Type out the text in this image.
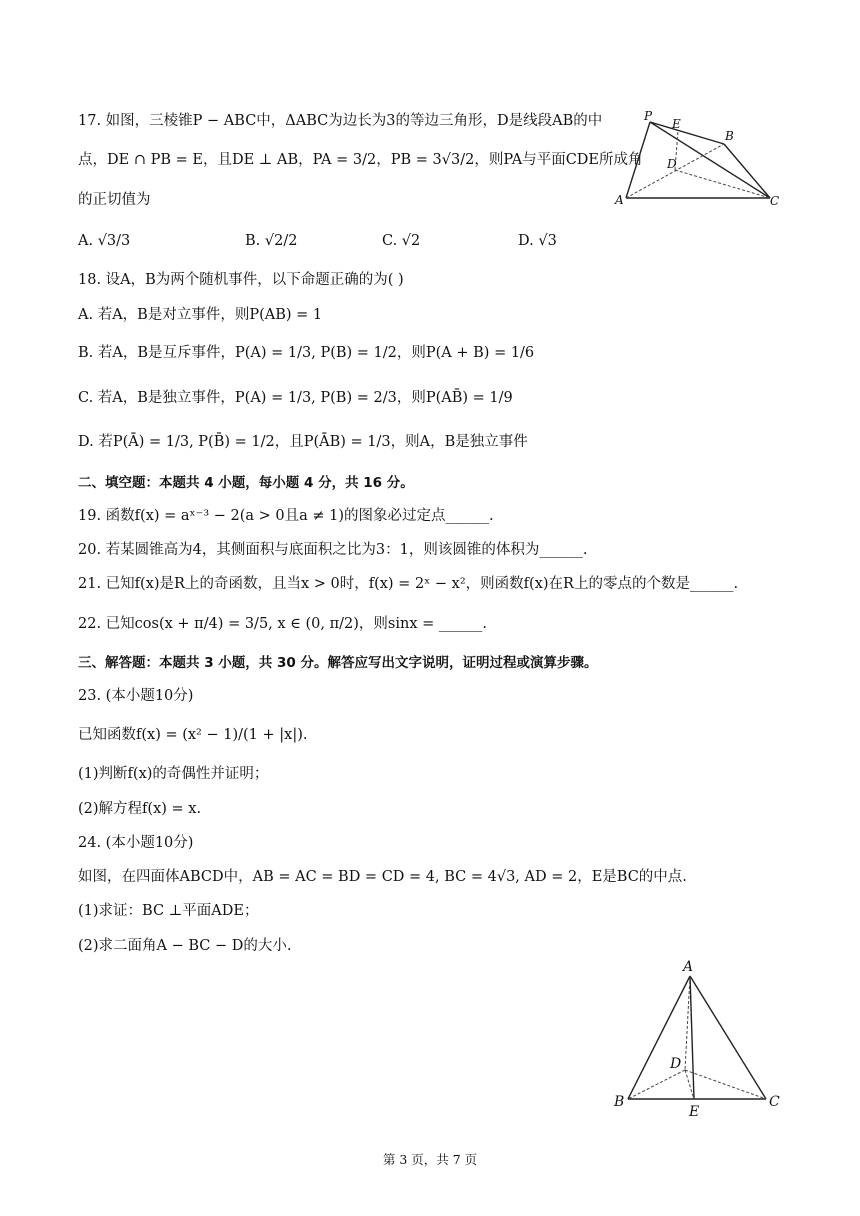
17. 如图，三棱锥P − ABC中，ΔABC为边长为3的等边三角形，D是线段AB的中
点，DE ∩ PB = E，且DE ⊥ AB，PA = 3/2，PB = 3√3/2，则PA与平面CDE所成角
的正切值为
A. √3/3	B. √2/2	C. √2	D. √3
P
E
B
D
A	C
18. 设A，B为两个随机事件，以下命题正确的为( )
A. 若A，B是对立事件，则P(AB) = 1
B. 若A，B是互斥事件，P(A) = 1/3, P(B) = 1/2，则P(A + B) = 1/6
C. 若A，B是独立事件，P(A) = 1/3, P(B) = 2/3，则P(AB̄) = 1/9
D. 若P(Ā) = 1/3, P(B̄) = 1/2，且P(ĀB) = 1/3，则A，B是独立事件
二、填空题：本题共 4 小题，每小题 4 分，共 16 分。
19. 函数f(x) = aˣ⁻³ − 2(a > 0且a ≠ 1)的图象必过定点______.
20. 若某圆锥高为4，其侧面积与底面积之比为3：1，则该圆锥的体积为______.
21. 已知f(x)是R上的奇函数，且当x > 0时，f(x) = 2ˣ − x²，则函数f(x)在R上的零点的个数是______.
22. 已知cos(x + π/4) = 3/5, x ∈ (0, π/2)，则sinx = ______.
三、解答题：本题共 3 小题，共 30 分。解答应写出文字说明，证明过程或演算步骤。
23. (本小题10分)
已知函数f(x) = (x² − 1)/(1 + |x|).
(1)判断f(x)的奇偶性并证明；
(2)解方程f(x) = x.
24. (本小题10分)
如图，在四面体ABCD中，AB = AC = BD = CD = 4, BC = 4√3, AD = 2，E是BC的中点.
(1)求证：BC ⊥平面ADE；
(2)求二面角A − BC − D的大小.
A
D
B
E
C
第 3 页，共 7 页
